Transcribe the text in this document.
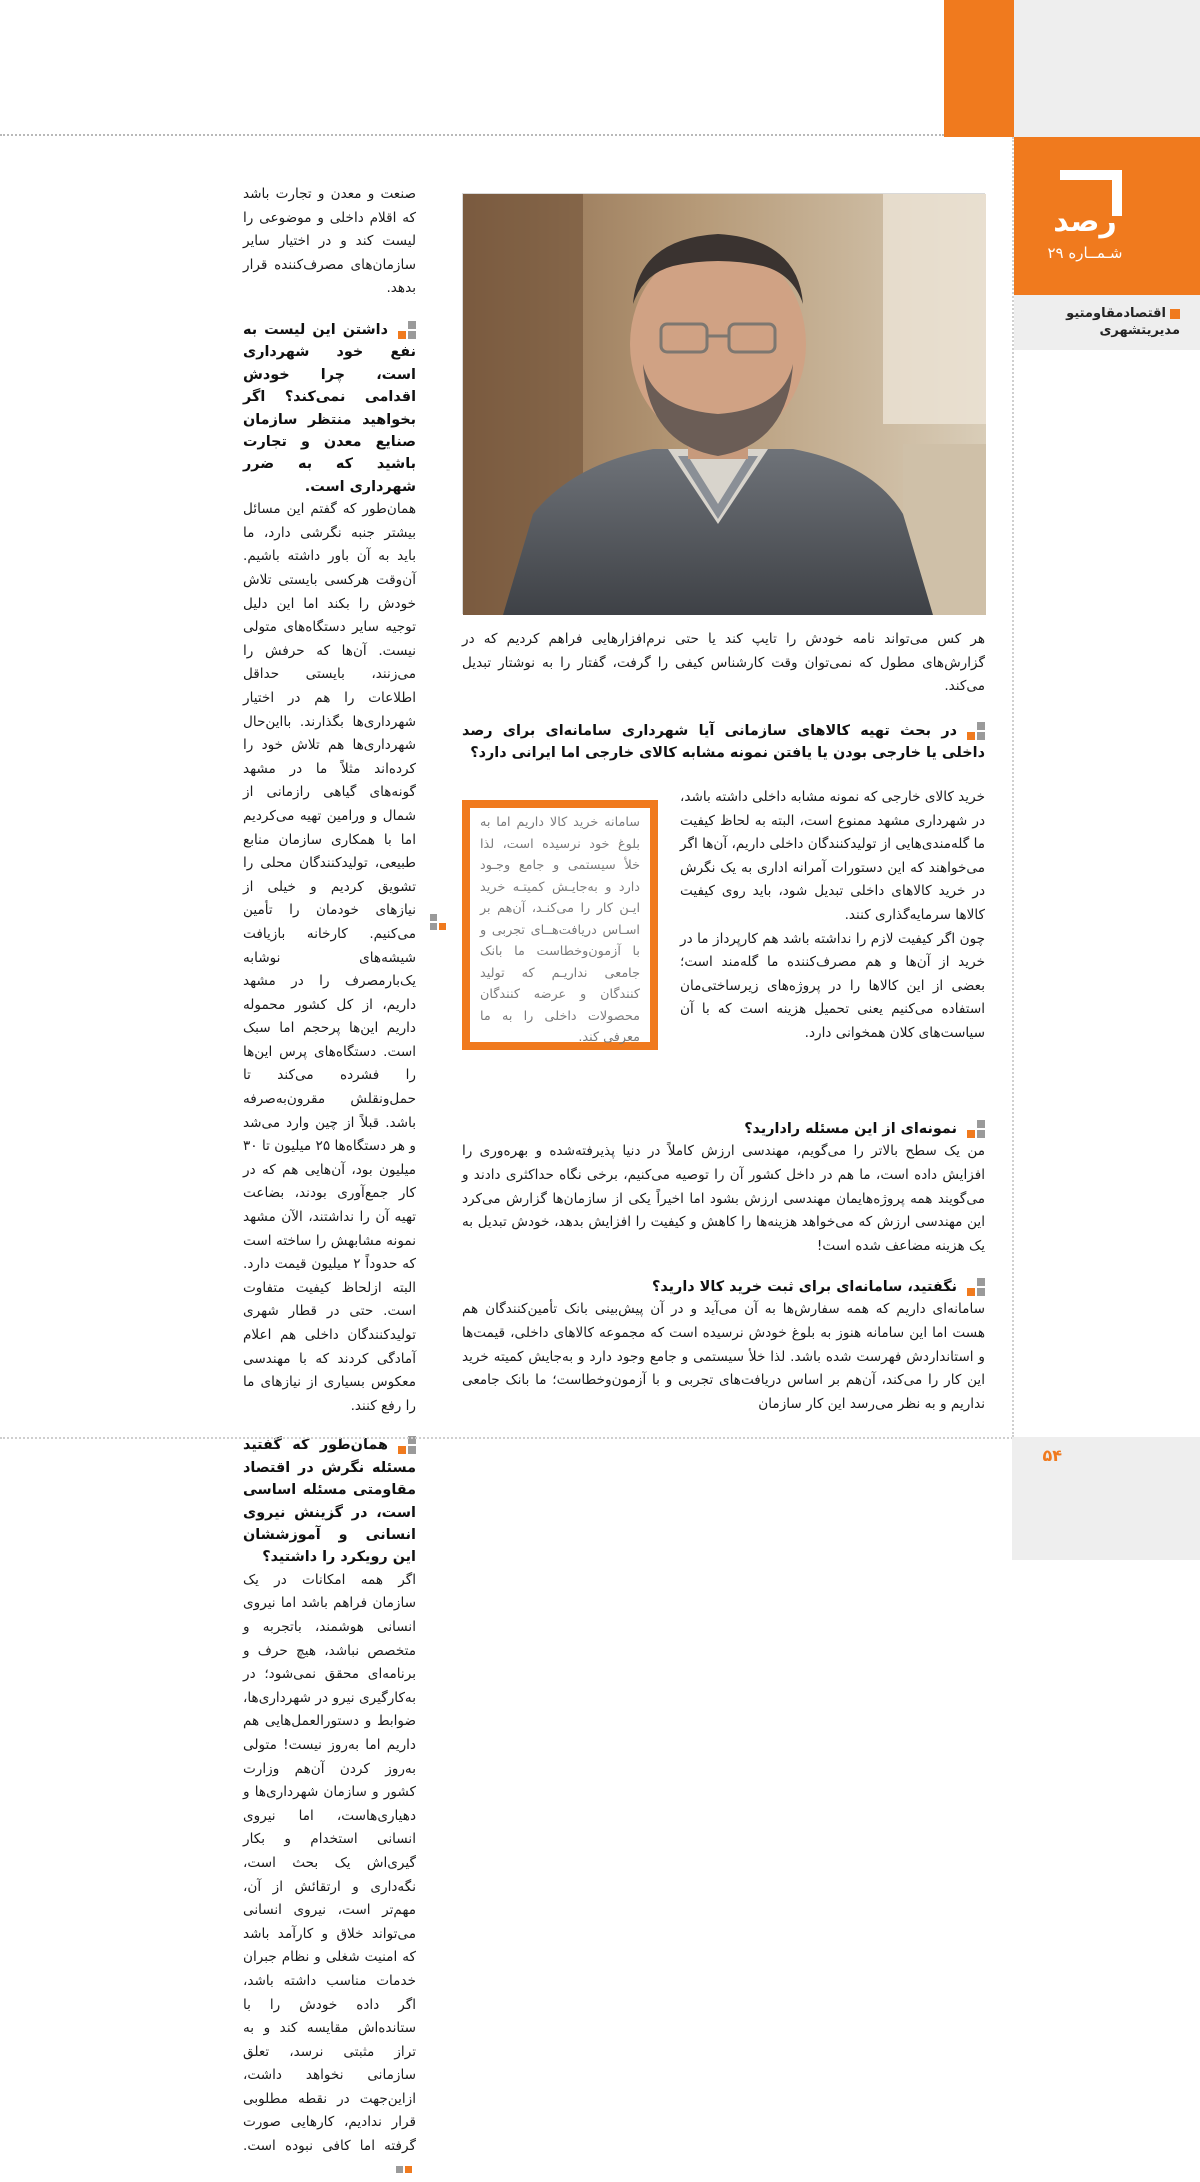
رصد
شـمــاره ۲۹
اقتصادمقاومتیو مدیریتشهری
هر کس می‌تواند نامه خودش را تایپ کند یا حتی نرم‌افزارهایی فراهم کردیم که در گزارش‌های مطول که نمی‌توان وقت کارشناس کیفی را گرفت، گفتار را به نوشتار تبدیل می‌کند.

صنعت و معدن و تجارت باشد که اقلام داخلی و موضوعی را لیست کند و در اختیار سایر سازمان‌های مصرف‌کننده قرار بدهد.

داشتن این لیست به نفع خود شهرداری است، چرا خودش اقدامی نمی‌کند؟ اگر بخواهید منتظر سازمان صنایع معدن و تجارت باشید که به ضرر شهرداری است.

همان‌طور که گفتم این مسائل بیشتر جنبه نگرشی دارد، ما باید به آن باور داشته باشیم. آن‌وقت هرکسی بایستی تلاش خودش را بکند اما این دلیل توجیه سایر دستگاه‌های متولی نیست. آن‌ها که حرفش را می‌زنند، بایستی حداقل اطلاعات را هم در اختیار شهرداری‌ها بگذارند. بااین‌حال شهرداری‌ها هم تلاش خود را کرده‌اند مثلاً ما در مشهد گونه‌های گیاهی رازمانی از شمال و ورامین تهیه می‌کردیم اما با همکاری سازمان منابع طبیعی، تولیدکنندگان محلی را تشویق کردیم و خیلی از نیازهای خودمان را تأمین می‌کنیم. کارخانه بازیافت شیشه‌های نوشابه یک‌بارمصرف را در مشهد داریم، از کل کشور محموله داریم این‌ها پرحجم اما سبک است. دستگاه‌های پرس این‌ها را فشرده می‌کند تا حمل‌ونقلش مقرون‌به‌صرفه باشد. قبلاً از چین وارد می‌شد و هر دستگاه‌ها ۲۵ میلیون تا ۳۰ میلیون بود، آن‌هایی هم که در کار جمع‌آوری بودند، بضاعت تهیه آن را نداشتند، الآن مشهد نمونه مشابهش را ساخته است که حدوداً ۲ میلیون قیمت دارد. البته ازلحاظ کیفیت متفاوت است. حتی در قطار شهری تولیدکنندگان داخلی هم اعلام آمادگی کردند که با مهندسی معکوس بسیاری از نیازهای ما را رفع کنند.

همان‌طور که گفتید مسئله نگرش در اقتصاد مقاومتی مسئله اساسی است، در گزینش نیروی انسانی و آموزششان این رویکرد را داشتید؟

اگر همه امکانات در یک سازمان فراهم باشد اما نیروی انسانی هوشمند، باتجربه و متخصص نباشد، هیچ حرف و برنامه‌ای محقق نمی‌شود؛ در به‌کارگیری نیرو در شهرداری‌ها، ضوابط و دستورالعمل‌هایی هم داریم اما به‌روز نیست! متولی به‌روز کردن آن‌هم وزارت کشور و سازمان شهرداری‌ها و دهیاری‌هاست، اما نیروی انسانی استخدام و بکار گیری‌اش یک بحث است، نگه‌داری و ارتقائش از آن، مهم‌تر است، نیروی انسانی می‌تواند خلاق و کارآمد باشد که امنیت شغلی و نظام جبران خدمات مناسب داشته باشد، اگر داده خودش را با ستانده‌اش مقایسه کند و به تراز مثبتی نرسد، تعلق سازمانی نخواهد داشت، ازاین‌جهت در نقطه مطلوبی قرار ندادیم، کارهایی صورت گرفته اما کافی نبوده است.

در بحث تهیه کالاهای سازمانی آیا شهرداری سامانه‌ای برای رصد داخلی یا خارجی بودن یا یافتن نمونه مشابه کالای خارجی اما ایرانی دارد؟

سامانه خرید کالا داریم اما به بلوغ خود نرسیده است، لذا خلأ سیستمی و جامع وجـود دارد و به‌جایـش کمیتـه خرید ایـن کار را می‌کنـد، آن‌هم بر اسـاس دریافت‌هــای تجربی و با آزمون‌وخطاست ما بانک جامعی نداریـم که تولید کنندگان و عرضه کنندگان محصولات داخلی را به ما معرفی کند.

خرید کالای خارجی که نمونه مشابه داخلی داشته باشد، در شهرداری مشهد ممنوع است، البته به لحاظ کیفیت ما گله‌مندی‌هایی از تولیدکنندگان داخلی داریم، آن‌ها اگر می‌خواهند که این دستورات آمرانه اداری به یک نگرش در خرید کالاهای داخلی تبدیل شود، باید روی کیفیت کالاها سرمایه‌گذاری کنند.

چون اگر کیفیت لازم را نداشته باشد هم کارپرداز ما در خرید از آن‌ها و هم مصرف‌کننده ما گله‌مند است؛ بعضی از این کالاها را در پروژه‌های زیرساختی‌مان استفاده می‌کنیم یعنی تحمیل هزینه است که با آن سیاست‌های کلان همخوانی دارد.

نمونه‌ای از این مسئله رادارید؟

من یک سطح بالاتر را می‌گویم، مهندسی ارزش کاملاً در دنیا پذیرفته‌شده و بهره‌وری را افزایش داده است، ما هم در داخل کشور آن را توصیه می‌کنیم، برخی نگاه حداکثری دادند و می‌گویند همه پروژه‌هایمان مهندسی ارزش بشود اما اخیراً یکی از سازمان‌ها گزارش می‌کرد این مهندسی ارزش که می‌خواهد هزینه‌ها را کاهش و کیفیت را افزایش بدهد، خودش تبدیل به یک هزینه مضاعف شده است!

نگفتید، سامانه‌ای برای ثبت خرید کالا دارید؟

سامانه‌ای داریم که همه سفارش‌ها به آن می‌آید و در آن پیش‌بینی بانک تأمین‌کنندگان هم هست اما این سامانه هنوز به بلوغ خودش نرسیده است که مجموعه کالاهای داخلی، قیمت‌ها و استانداردش فهرست شده باشد. لذا خلأ سیستمی و جامع وجود دارد و به‌جایش کمیته خرید این کار را می‌کند، آن‌هم بر اساس دریافت‌های تجربی و با آزمون‌وخطاست؛ ما بانک جامعی نداریم و به نظر می‌رسد این کار سازمان

۵۴
